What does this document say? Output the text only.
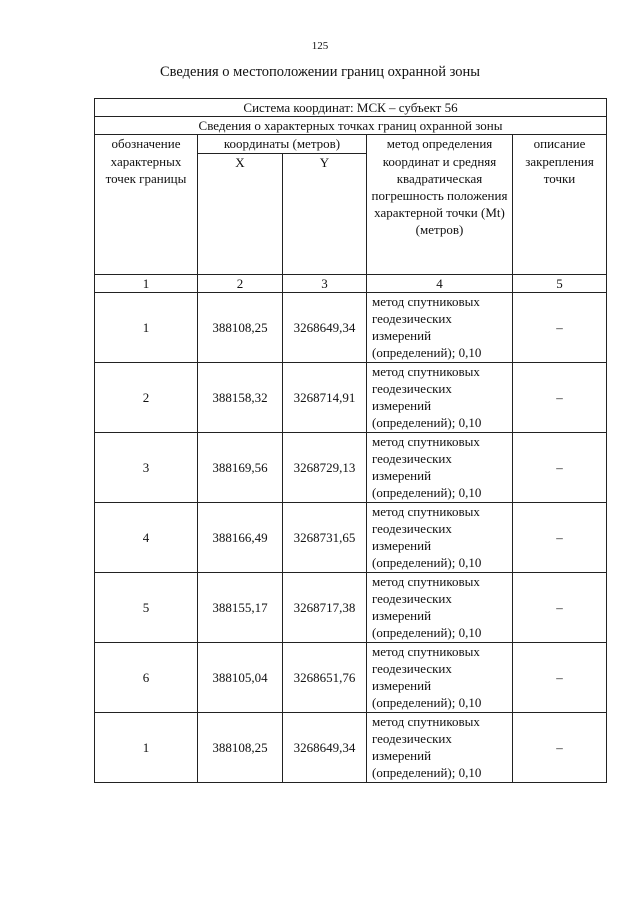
125
Сведения о местоположении границ охранной зоны
Система координат: МСК – субъект 56				
Сведения о характерных точках границ охранной зоны				
обозначение характерных точек границы	координаты (метров)		метод определения координат и средняя квадратическая погрешность положения характерной точки (Mt) (метров)	описание закрепления точки
	X	Y		
1	2	3	4	5
1	388108,25	3268649,34	метод спутниковых геодезических измерений (определений); 0,10	–
2	388158,32	3268714,91	метод спутниковых геодезических измерений (определений); 0,10	–
3	388169,56	3268729,13	метод спутниковых геодезических измерений (определений); 0,10	–
4	388166,49	3268731,65	метод спутниковых геодезических измерений (определений); 0,10	–
5	388155,17	3268717,38	метод спутниковых геодезических измерений (определений); 0,10	–
6	388105,04	3268651,76	метод спутниковых геодезических измерений (определений); 0,10	–
1	388108,25	3268649,34	метод спутниковых геодезических измерений (определений); 0,10	–
